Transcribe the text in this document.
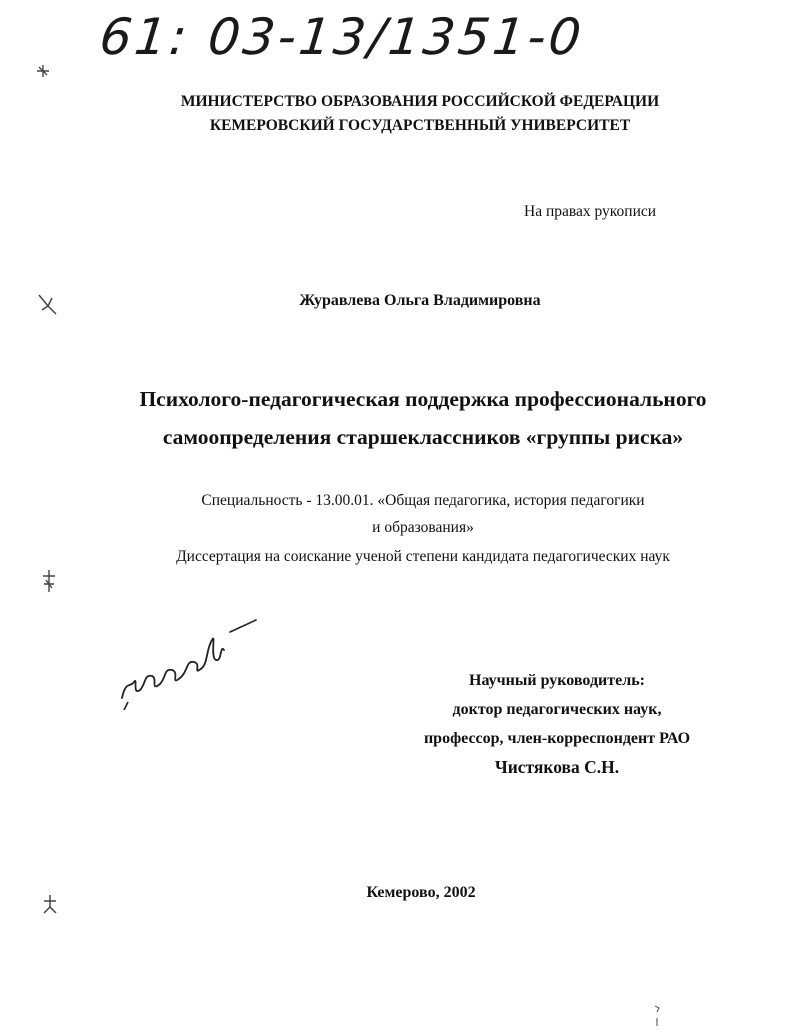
61: 03-13/1351-0
МИНИСТЕРСТВО ОБРАЗОВАНИЯ РОССИЙСКОЙ ФЕДЕРАЦИИ
КЕМЕРОВСКИЙ ГОСУДАРСТВЕННЫЙ УНИВЕРСИТЕТ
На правах рукописи
Журавлева Ольга Владимировна
Психолого-педагогическая поддержка профессионального
самоопределения старшеклассников «группы риска»
Специальность - 13.00.01. «Общая педагогика, история педагогики
и образования»
Диссертация на соискание ученой степени кандидата педагогических наук
Научный руководитель:
доктор педагогических наук,
профессор, член-корреспондент РАО
Чистякова С.Н.
Кемерово, 2002
